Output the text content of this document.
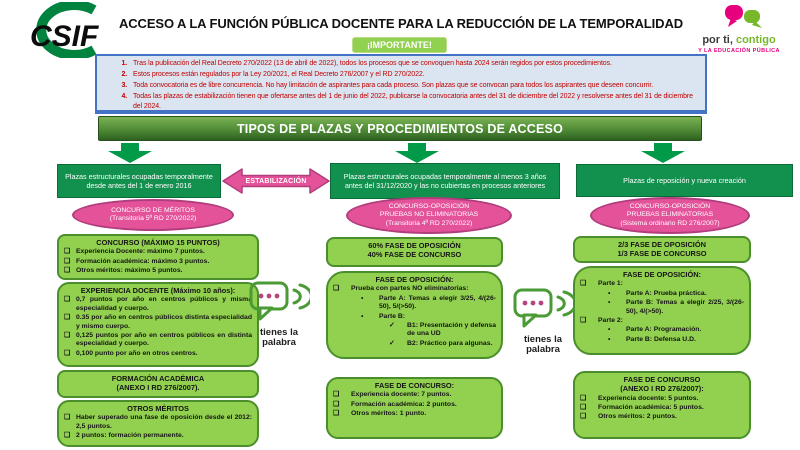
CSIF ACCESO A LA FUNCIÓN PÚBLICA DOCENTE PARA LA REDUCCIÓN DE LA TEMPORALIDAD
¡IMPORTANTE!	por ti, contigo
Y LA EDUCACIÓN PÚBLICA
1. Tras la publicación del Real Decreto 270/2022 (13 de abril de 2022), todos los procesos que se convoquen hasta 2024 serán regidos por estos procedimientos.
2. Estos procesos están regulados por la Ley 20/2021, el Real Decreto 276/2007 y el RD 270/2022.
3. Toda convocatoria es de libre concurrencia. No hay limitación de aspirantes para cada proceso. Son plazas que se convocan para todos los aspirantes que deseen concurrir.
4. Todas las plazas de estabilización tienen que ofertarse antes del 1 de junio del 2022, publicarse la convocatoria antes del 31 de diciembre del 2022 y resolverse antes del 31 de diciembre del 2024.
TIPOS DE PLAZAS Y PROCEDIMIENTOS DE ACCESO
Plazas estructurales ocupadas temporalmente desde antes del 1 de enero 2016	ESTABILIZACIÓN
Plazas estructurales ocupadas temporalmente al menos 3 años antes del 31/12/2020 y las no cubiertas en procesos anteriores
Plazas de reposición y nueva creación
CONCURSO DE MÉRITOS
(Transitoria 5ª RD 270/2022)
CONCURSO-OPOSICIÓN
PRUEBAS NO ELIMINATORIAS
(Transitoria 4ª RD 270/2022)
CONCURSO-OPOSICIÓN
PRUEBAS ELIMINATORIAS
(Sistema ordinario RD 276/2007)
CONCURSO (MÁXIMO 15 PUNTOS)
❑ Experiencia Docente: máximo 7 puntos.
❑ Formación académica: máximo 3 puntos.
❑ Otros méritos: máximo 5 puntos.
EXPERIENCIA DOCENTE (Máximo 10 años):
❑ 0,7 puntos por año en centros públicos y misma especialidad y cuerpo.
❑ 0.35 por año en centros públicos distinta especialidad y mismo cuerpo.
❑ 0,125 puntos por año en centros públicos en distinta especialidad y cuerpo.
❑ 0,100 punto por año en otros centros.
FORMACIÓN ACADÉMICA
(ANEXO I RD 276/2007).
OTROS MÉRITOS
❑ Haber superado una fase de oposición desde el 2012: 2,5 puntos.
❑ 2 puntos: formación permanente.
60% FASE DE OPOSICIÓN
40% FASE DE CONCURSO
FASE DE OPOSICIÓN:
❑	Prueba con partes NO eliminatorias:
•	Parte A: Temas a elegir 3/25, 4/(26-50), 5/(>50).
•	Parte B:
✓	B1: Presentación y defensa de una UD
✓	B2: Práctico para algunas.
FASE DE CONCURSO:
❑	Experiencia docente: 7 puntos.
❑	Formación académica: 2 puntos.
❑	Otros méritos: 1 punto.
2/3 FASE DE OPOSICIÓN
1/3 FASE DE CONCURSO
FASE DE OPOSICIÓN:
❑	Parte 1:
•	Parte A: Prueba práctica.
•	Parte B: Temas a elegir 2/25, 3/(26-50), 4/(>50).
❑	Parte 2:
•	Parte A: Programación.
•	Parte B: Defensa U.D.
FASE DE CONCURSO
(ANEXO I RD 276/2007):
❑	Experiencia docente: 5 puntos.
❑	Formación académica: 5 puntos.
❑	Otros méritos: 2 puntos.
tienes la
palabra	tienes la
palabra
